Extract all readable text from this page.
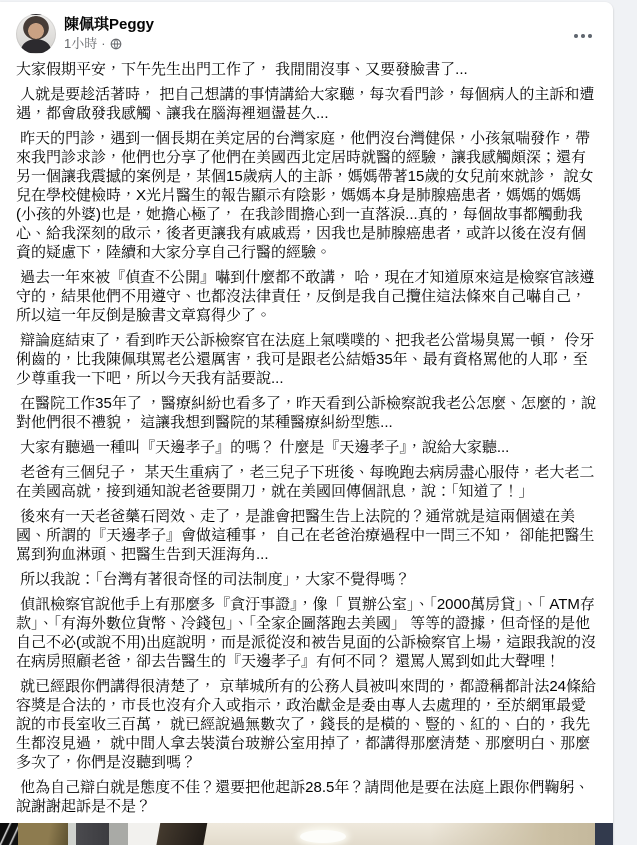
陳佩琪Peggy
1小時 ·

大家假期平安，下午先生出門工作了， 我閒閒沒事、又要發臉書了...

人就是要趁活著時， 把自己想講的事情講給大家聽，每次看門診，每個病人的主訴和遭遇，都會啟發我感觸、讓我在腦海裡迴盪甚久...

昨天的門診，遇到一個長期在美定居的台灣家庭，他們沒台灣健保，小孩氣喘發作，帶來我門診求診，他們也分享了他們在美國西北定居時就醫的經驗，讓我感觸頗深；還有另一個讓我震撼的案例是，某個15歲病人的主訴，媽媽帶著15歲的女兒前來就診， 說女兒在學校健檢時，X光片醫生的報告顯示有陰影，媽媽本身是肺腺癌患者，媽媽的媽媽(小孩的外婆)也是，她擔心極了， 在我診間擔心到一直落淚...真的，每個故事都觸動我心、給我深刻的啟示，後者更讓我有戚戚焉，因我也是肺腺癌患者，或許以後在沒有個資的疑慮下，陸續和大家分享自己行醫的經驗。

過去一年來被『偵查不公開』嚇到什麼都不敢講， 哈，現在才知道原來這是檢察官該遵守的，結果他們不用遵守、也都沒法律責任，反倒是我自己攬住這法條來自己嚇自己，所以這一年反倒是臉書文章寫得少了。

辯論庭結束了，看到昨天公訴檢察官在法庭上氣噗噗的、把我老公當場臭罵一頓， 伶牙俐齒的，比我陳佩琪罵老公還厲害，我可是跟老公結婚35年、最有資格罵他的人耶，至少尊重我一下吧，所以今天我有話要說...

在醫院工作35年了 ，醫療糾紛也看多了，昨天看到公訴檢察說我老公怎麼、怎麼的，說對他們很不禮貌， 這讓我想到醫院的某種醫療糾紛型態...

大家有聽過一種叫『天邊孝子』的嗎？ 什麼是『天邊孝子』，說給大家聽...

老爸有三個兒子， 某天生重病了，老三兒子下班後、每晚跑去病房盡心服侍，老大老二在美國高就，接到通知說老爸要開刀，就在美國回傳個訊息，說：「知道了！」

後來有一天老爸藥石罔效、走了，是誰會把醫生告上法院的？通常就是這兩個遠在美國、所謂的『天邊孝子』會做這種事， 自己在老爸治療過程中一問三不知， 卻能把醫生罵到狗血淋頭、把醫生告到天涯海角...

所以我說：「台灣有著很奇怪的司法制度」，大家不覺得嗎？

偵訊檢察官說他手上有那麼多『貪汙事證』，像「 買辦公室」、「2000萬房貸」、「 ATM存款」、「有海外數位貨幣、冷錢包」、「全家企圖落跑去美國」 等等的證據，但奇怪的是他自己不必(或說不用)出庭說明，而是派從沒和被告見面的公訴檢察官上場，這跟我說的沒在病房照顧老爸，卻去告醫生的『天邊孝子』有何不同？ 還罵人罵到如此大聲哩！

就已經跟你們講得很清楚了， 京華城所有的公務人員被叫來問的，都證稱都計法24條給容獎是合法的，市長也沒有介入或指示，政治獻金是委由專人去處理的，至於網軍最愛說的市長室收三百萬， 就已經說過無數次了，錢長的是橫的、豎的、紅的、白的，我先生都沒見過， 就中間人拿去裝潢台玻辦公室用掉了，都講得那麼清楚、那麼明白、那麼多次了，你們是沒聽到嗎？

他為自己辯白就是態度不佳？還要把他起訴28.5年？請問他是要在法庭上跟你們鞠躬、說謝謝起訴是不是？
